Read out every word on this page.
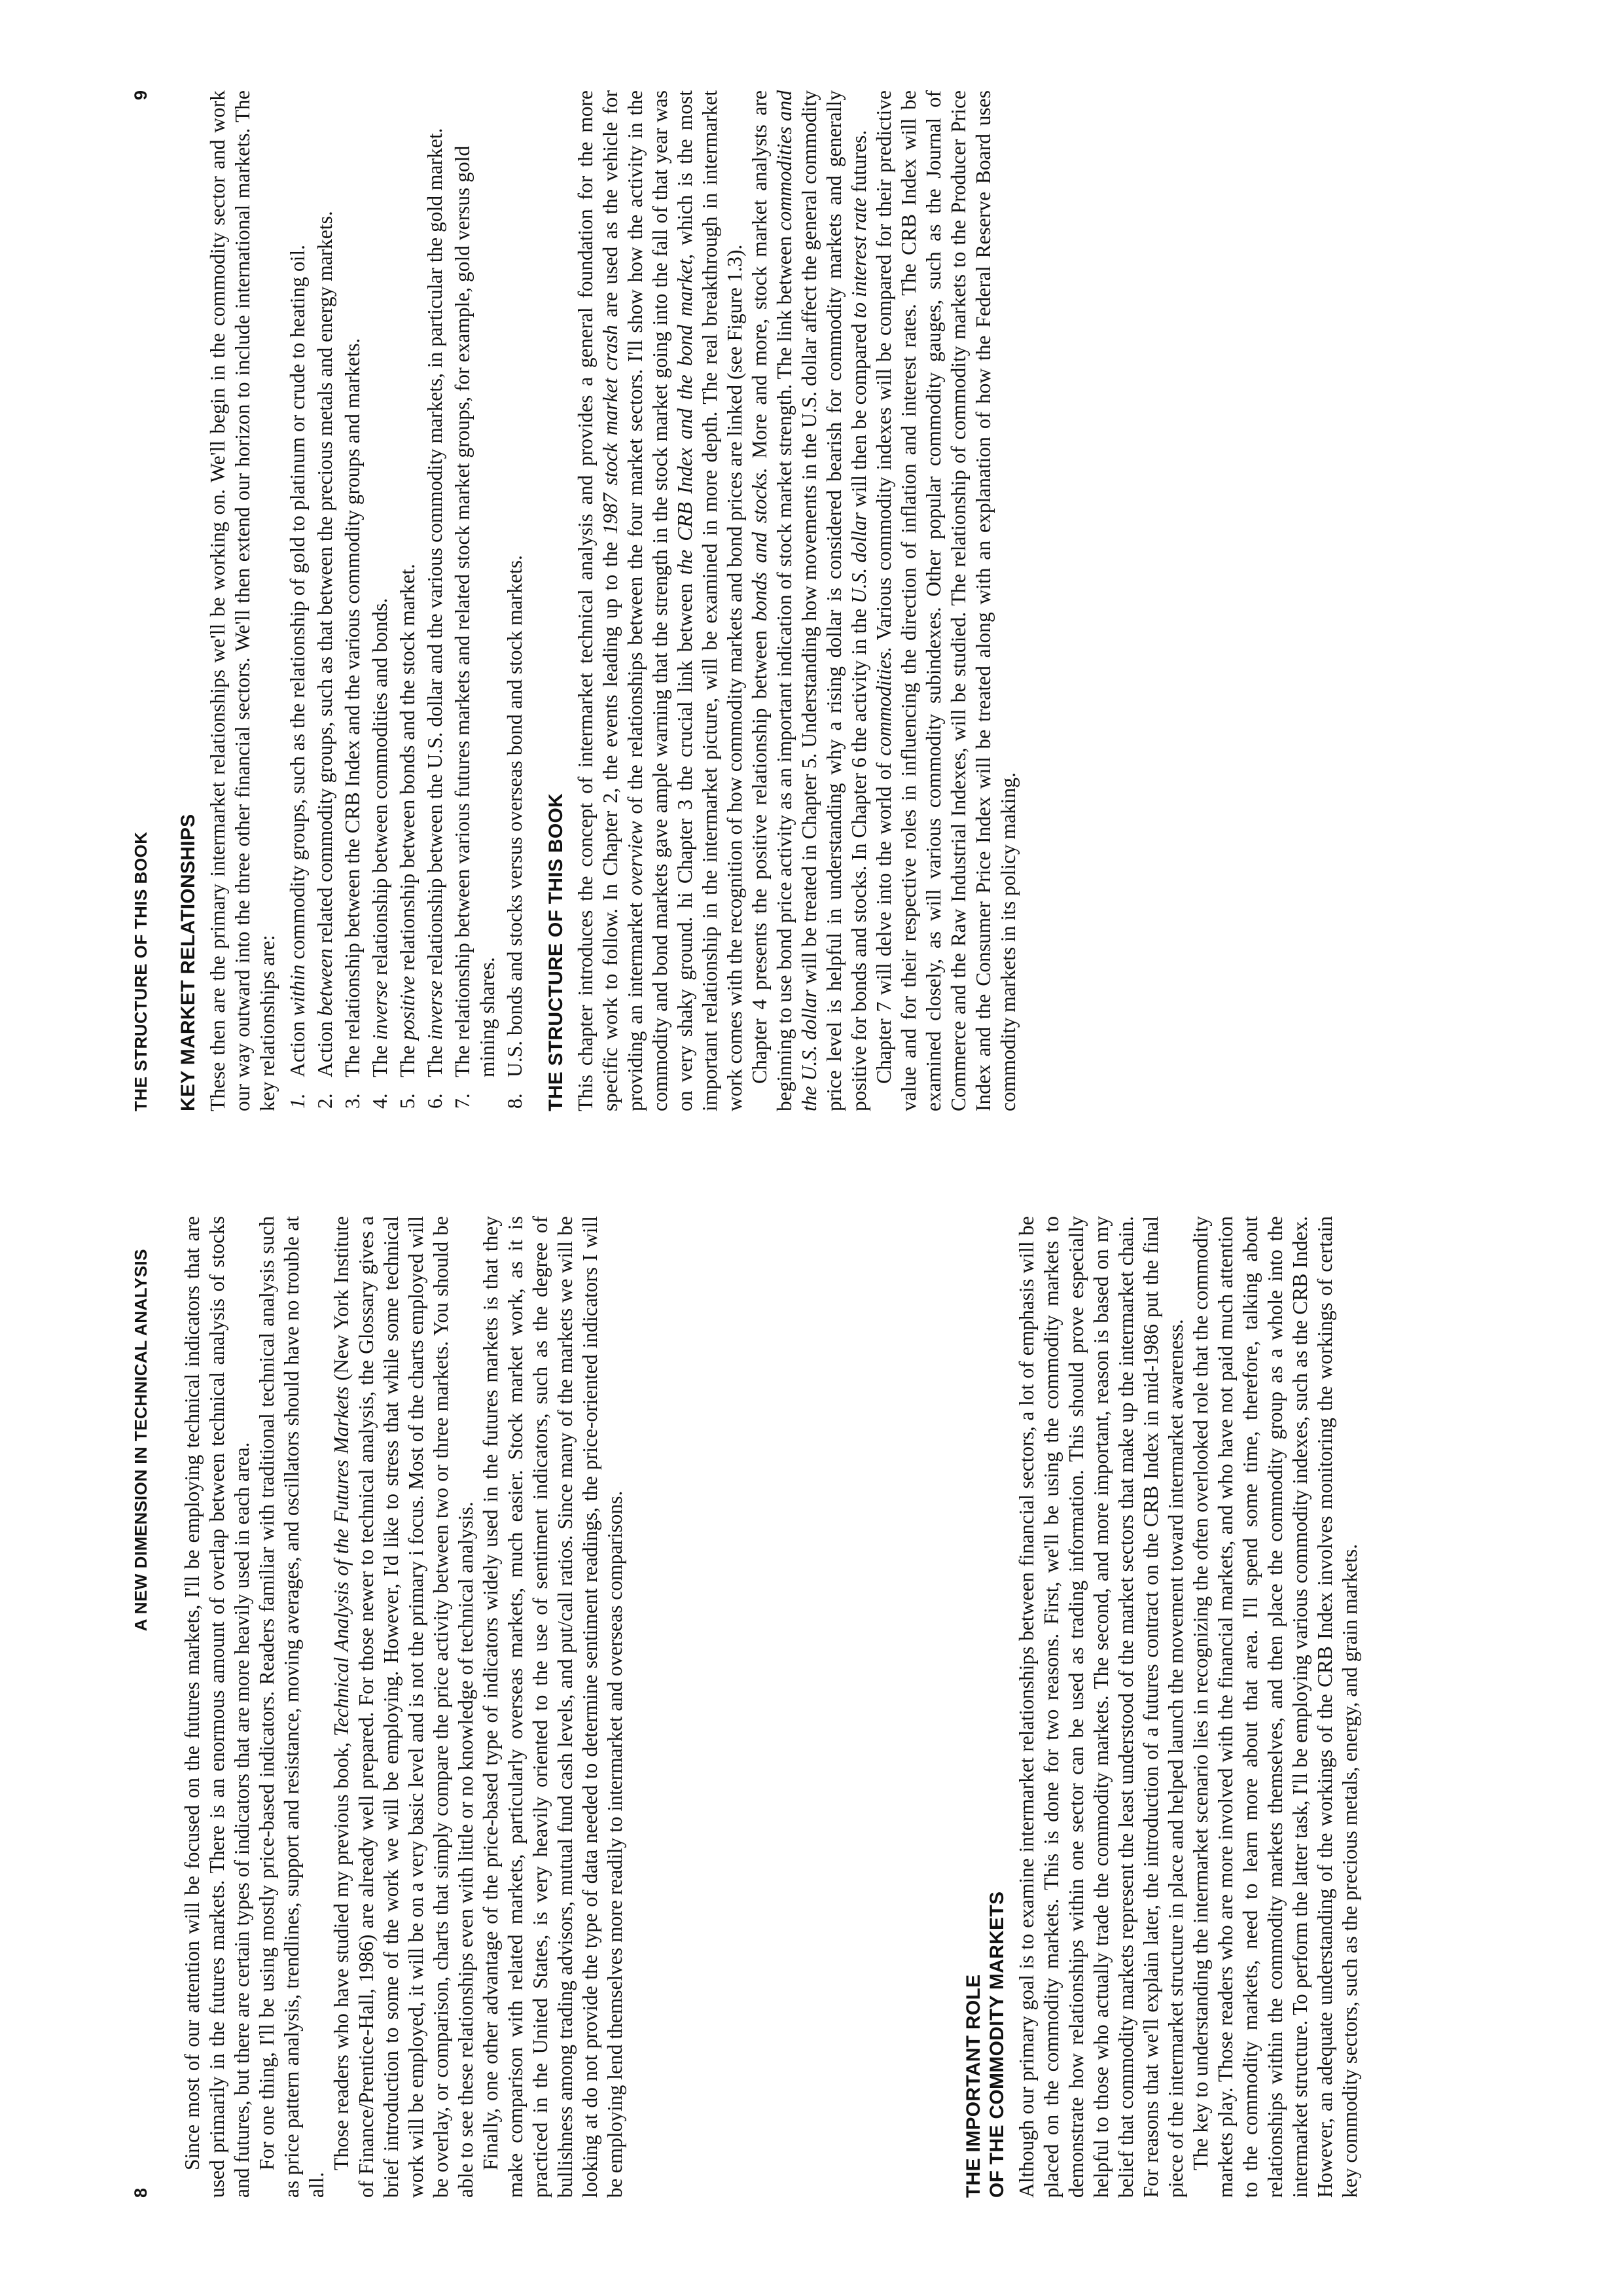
8
A NEW DIMENSION IN TECHNICAL ANALYSIS Since most of our attention will be focused on the futures markets, I'll be employing technical indicators that are used primarily in the futures markets. There is an enormous amount of overlap between technical analysis of stocks and futures, but there are certain types of indicators that are more heavily used in each area. For one thing, I'll be using mostly price-based indicators. Readers familiar with traditional technical analysis such as price pattern analysis, trendlines, support and resistance, moving averages, and oscillators should have no trouble at all.

Those readers who have studied my previous book, Technical Analysis of the Futures Markets (New York Institute of Finance/Prentice-Hall, 1986) are already well prepared. For those newer to technical analysis, the Glossary gives a brief introduction to some of the work we will be employing. However, I'd like to stress that while some technical work will be employed, it will be on a very basic level and is not the primary i focus. Most of the charts employed will be overlay, or comparison, charts that simply compare the price activity between two or three markets. You should be able to see these relationships even with little or no knowledge of technical analysis. Finally, one other advantage of the price-based type of indicators widely used in the futures markets is that they make comparison with related markets, particularly overseas markets, much easier. Stock market work, as it is practiced in the United States, is very heavily oriented to the use of sentiment indicators, such as the degree of bullishness among trading advisors, mutual fund cash levels, and put/call ratios. Since many of the markets we will be looking at do not provide the type of data needed to determine sentiment readings, the price-oriented indicators I will be employing lend themselves more readily to intermarket and overseas comparisons.	THE IMPORTANT ROLE OF THE COMMODITY MARKETS Although our primary goal is to examine intermarket relationships between financial sectors, a lot of emphasis will be placed on the commodity markets. This is done for two reasons. First, we'll be using the commodity markets to demonstrate how relationships within one sector can be used as trading information. This should prove especially helpful to those who actually trade the commodity markets. The second, and more important, reason is based on my belief that commodity markets represent the least understood of the market sectors that make up the intermarket chain. For reasons that we'll explain later, the introduction of a futures contract on the CRB Index in mid-1986 put the final piece of the intermarket structure in place and helped launch the movement toward intermarket awareness. The key to understanding the intermarket scenario lies in recognizing the often overlooked role that the commodity markets play. Those readers who are more involved with the financial markets, and who have not paid much attention to the commodity markets, need to learn more about that area. I'll spend some time, therefore, talking about relationships within the commodity markets themselves, and then place the commodity group as a whole into the intermarket structure. To perform the latter task, I'll be employing various commodity indexes, such as the CRB Index. However, an adequate understanding of the workings of the CRB Index involves monitoring the workings of certain key commodity sectors, such as the precious metals, energy, and grain markets.

THE STRUCTURE OF THIS BOOK
9
KEY MARKET RELATIONSHIPS These then are the primary intermarket relationships we'll be working on. We'll begin in the commodity sector and work our way outward into the three other financial sectors. We'll then extend our horizon to include international markets. The key relationships are: 1.
Action within commodity groups, such as the relationship of gold to platinum or crude to heating oil.
2.
Action between related commodity groups, such as that between the precious metals and energy markets.
3.
The relationship between the CRB Index and the various commodity groups and markets.
4.
The inverse relationship between commodities and bonds.
5.
The positive relationship between bonds and the stock market.
6.
The inverse relationship between the U.S. dollar and the various commodity markets, in particular the gold market.
7.
The relationship between various futures markets and related stock market groups, for example, gold versus gold mining shares.
8.
U.S. bonds and stocks versus overseas bond and stock markets. THE STRUCTURE OF THIS BOOK This chapter introduces the concept of intermarket technical analysis and provides a general foundation for the more specific work to follow. In Chapter 2, the events leading up to the 1987 stock market crash are used as the vehicle for providing an intermarket overview of the relationships between the four market sectors. I'll show how the activity in the commodity and bond markets gave ample warning that the strength in the stock market going into the fall of that year was on very shaky ground. hi Chapter 3 the crucial link between the CRB Index and the bond market, which is the most important relationship in the intermarket picture, will be examined in more depth. The real breakthrough in intermarket work comes with the recognition of how commodity markets and bond prices are linked (see Figure 1.3). Chapter 4 presents the positive relationship between bonds and stocks. More and more, stock market analysts are beginning to use bond price activity as an important indication of stock market strength. The link between commodities and the U.S. dollar will be treated in Chapter 5. Understanding how movements in the U.S. dollar affect the general commodity price level is helpful in understanding why a rising dollar is considered bearish for commodity markets and generally positive for bonds and stocks. In Chapter 6 the activity in the U.S. dollar will then be compared to interest rate futures.

Chapter 7 will delve into the world of commodities. Various commodity indexes will be compared for their predictive value and for their respective roles in influencing the direction of inflation and interest rates. The CRB Index will be examined closely, as will various commodity subindexes. Other popular commodity gauges, such as the Journal of Commerce and the Raw Industrial Indexes, will be studied. The relationship of commodity markets to the Producer Price Index and the Consumer Price Index will be treated along with an explanation of how the Federal Reserve Board uses commodity markets in its policy making.
